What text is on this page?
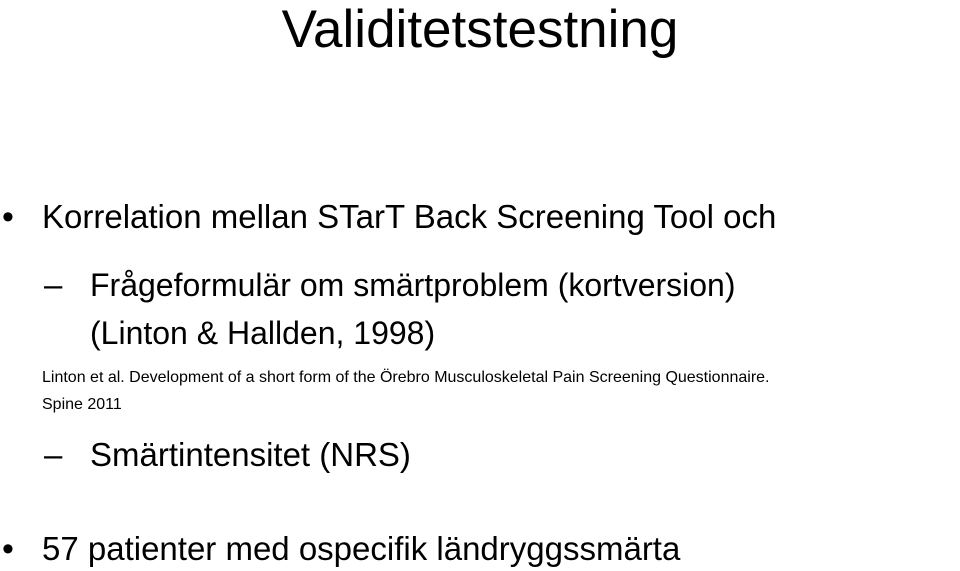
Validitetstestning
• Korrelation mellan STarT Back Screening Tool och
– Frågeformulär om smärtproblem (kortversion)
(Linton & Hallden, 1998)
Linton et al. Development of a short form of the Örebro Musculoskeletal Pain Screening Questionnaire.
Spine 2011
– Smärtintensitet (NRS)
• 57 patienter med ospecifik ländryggssmärta
